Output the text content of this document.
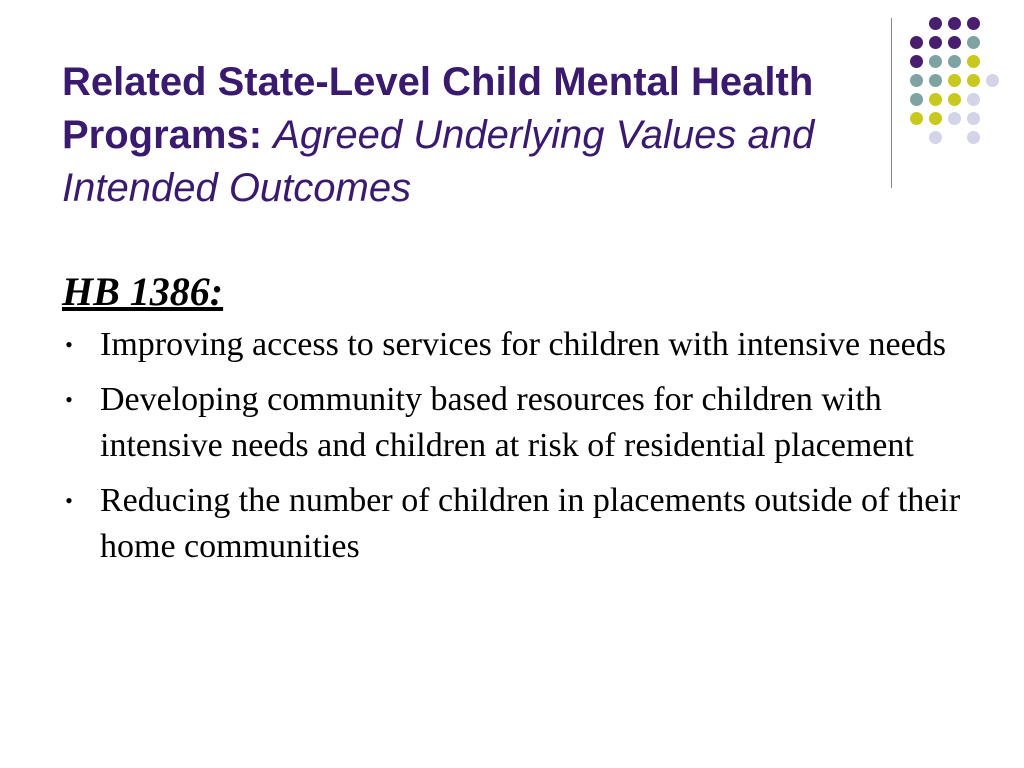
Related State-Level Child Mental Health Programs: Agreed Underlying Values and Intended Outcomes
HB 1386:
• Improving access to services for children with intensive needs
• Developing community based resources for children with intensive needs and children at risk of residential placement
• Reducing the number of children in placements outside of their home communities
